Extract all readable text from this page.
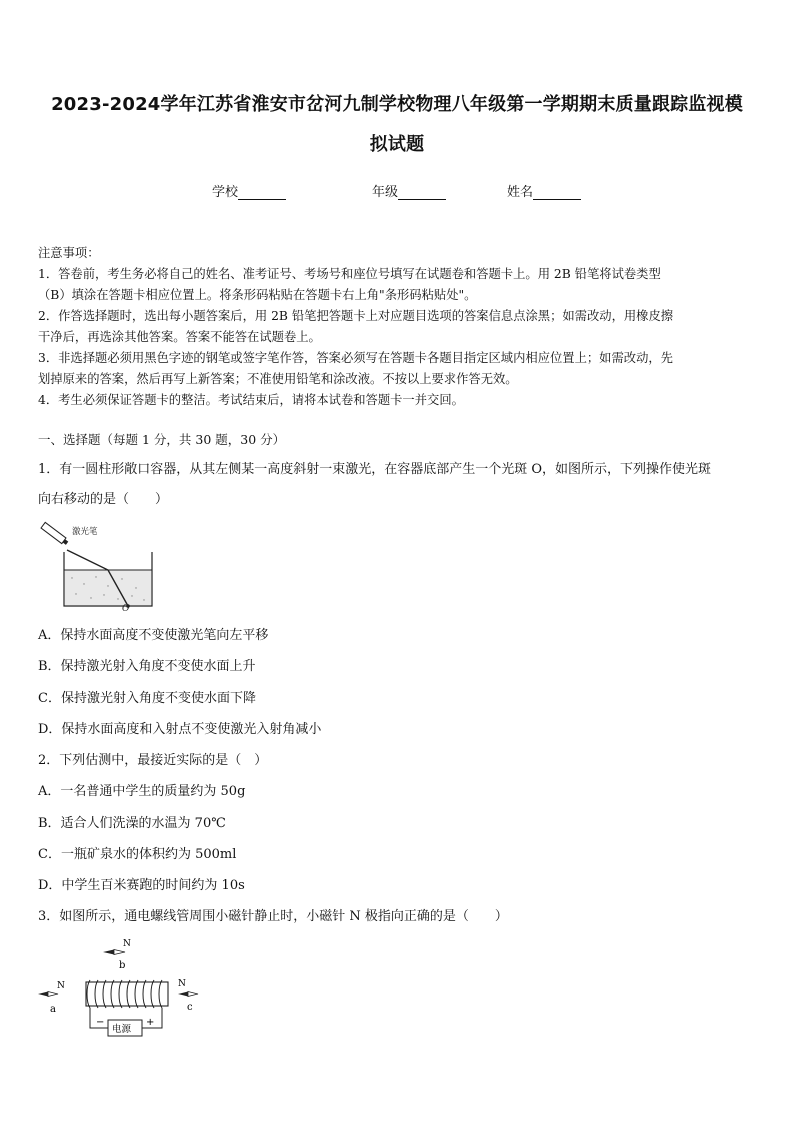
2023-2024学年江苏省淮安市岔河九制学校物理八年级第一学期期末质量跟踪监视模
拟试题
学校	年级	姓名
注意事项：
1．答卷前，考生务必将自己的姓名、准考证号、考场号和座位号填写在试题卷和答题卡上。用 2B 铅笔将试卷类型
（B）填涂在答题卡相应位置上。将条形码粘贴在答题卡右上角"条形码粘贴处"。
2．作答选择题时，选出每小题答案后，用 2B 铅笔把答题卡上对应题目选项的答案信息点涂黑；如需改动，用橡皮擦
干净后，再选涂其他答案。答案不能答在试题卷上。
3．非选择题必须用黑色字迹的钢笔或签字笔作答，答案必须写在答题卡各题目指定区域内相应位置上；如需改动，先
划掉原来的答案，然后再写上新答案；不准使用铅笔和涂改液。不按以上要求作答无效。
4．考生必须保证答题卡的整洁。考试结束后，请将本试卷和答题卡一并交回。
一、选择题（每题 1 分，共 30 题，30 分）
1．有一圆柱形敞口容器，从其左侧某一高度斜射一束激光，在容器底部产生一个光斑 O，如图所示，下列操作使光斑
向右移动的是（　　）
激光笔
O
A．保持水面高度不变使激光笔向左平移
B．保持激光射入角度不变使水面上升
C．保持激光射入角度不变使水面下降
D．保持水面高度和入射点不变使激光入射角减小
2．下列估测中，最接近实际的是（　）
A．一名普通中学生的质量约为 50g
B．适合人们洗澡的水温为 70℃
C．一瓶矿泉水的体积约为 500ml
D．中学生百米赛跑的时间约为 10s
3．如图所示，通电螺线管周围小磁针静止时，小磁针 N 极指向正确的是（　　）
N
b
N
a
N
c
电源
−	+
